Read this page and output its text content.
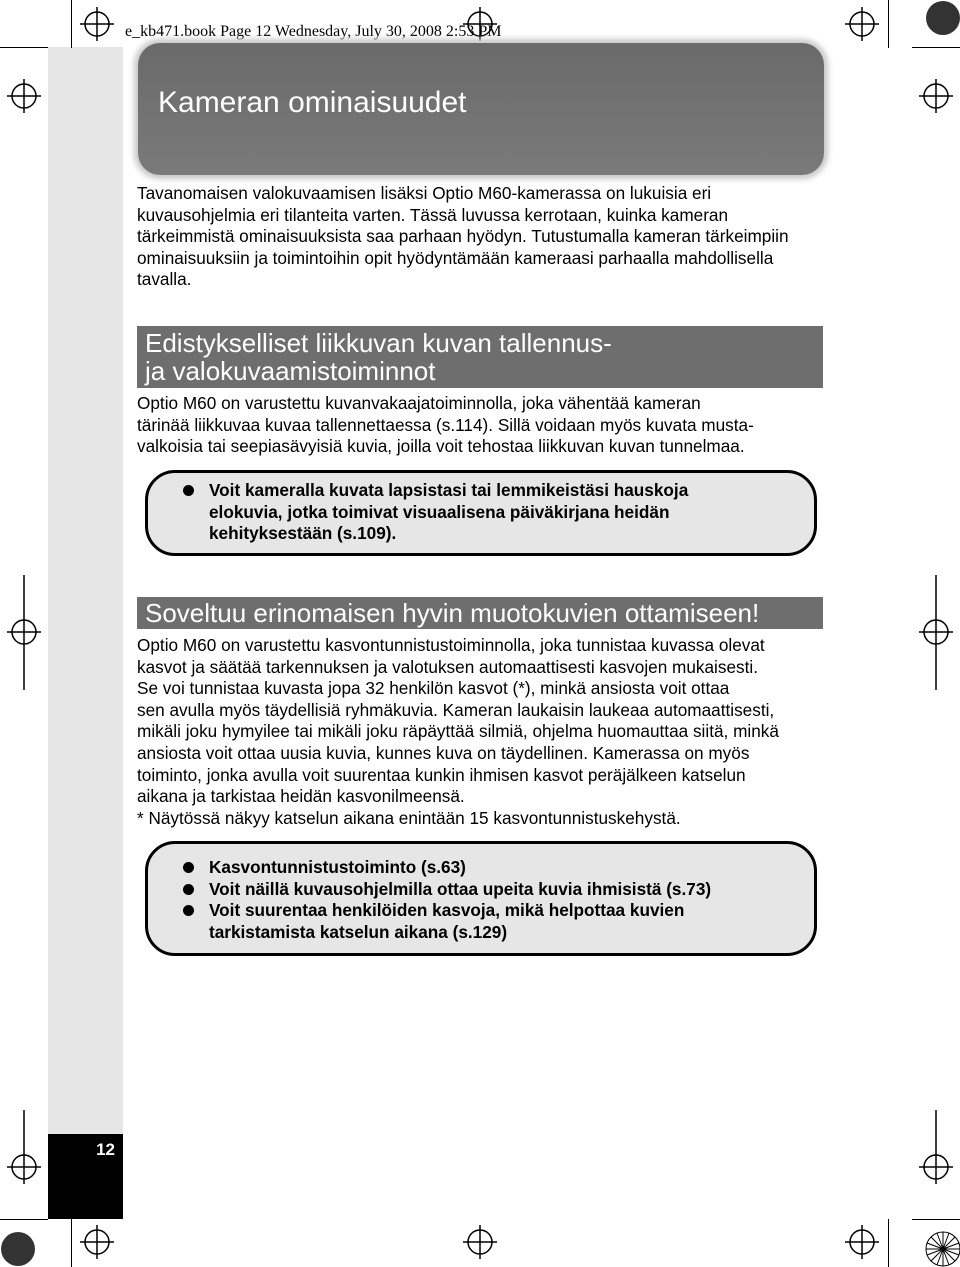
12
e_kb471.book Page 12 Wednesday, July 30, 2008 2:53 PM
Kameran ominaisuudet
Tavanomaisen valokuvaamisen lisäksi Optio M60-kamerassa on lukuisia eri
kuvausohjelmia eri tilanteita varten. Tässä luvussa kerrotaan, kuinka kameran
tärkeimmistä ominaisuuksista saa parhaan hyödyn. Tutustumalla kameran tärkeimpiin
ominaisuuksiin ja toimintoihin opit hyödyntämään kameraasi parhaalla mahdollisella
tavalla.
Edistykselliset liikkuvan kuvan tallennus-
ja valokuvaamistoiminnot
Optio M60 on varustettu kuvanvakaajatoiminnolla, joka vähentää kameran
tärinää liikkuvaa kuvaa tallennettaessa (s.114). Sillä voidaan myös kuvata musta-
valkoisia tai seepiasävyisiä kuvia, joilla voit tehostaa liikkuvan kuvan tunnelmaa.
Voit kameralla kuvata lapsistasi tai lemmikeistäsi hauskoja
elokuvia, jotka toimivat visuaalisena päiväkirjana heidän
kehityksestään (s.109).
Soveltuu erinomaisen hyvin muotokuvien ottamiseen!
Optio M60 on varustettu kasvontunnistustoiminnolla, joka tunnistaa kuvassa olevat
kasvot ja säätää tarkennuksen ja valotuksen automaattisesti kasvojen mukaisesti.
Se voi tunnistaa kuvasta jopa 32 henkilön kasvot (*), minkä ansiosta voit ottaa
sen avulla myös täydellisiä ryhmäkuvia. Kameran laukaisin laukeaa automaattisesti,
mikäli joku hymyilee tai mikäli joku räpäyttää silmiä, ohjelma huomauttaa siitä, minkä
ansiosta voit ottaa uusia kuvia, kunnes kuva on täydellinen. Kamerassa on myös
toiminto, jonka avulla voit suurentaa kunkin ihmisen kasvot peräjälkeen katselun
aikana ja tarkistaa heidän kasvonilmeensä.
* Näytössä näkyy katselun aikana enintään 15 kasvontunnistuskehystä.
Kasvontunnistustoiminto (s.63)
Voit näillä kuvausohjelmilla ottaa upeita kuvia ihmisistä (s.73)
Voit suurentaa henkilöiden kasvoja, mikä helpottaa kuvien
tarkistamista katselun aikana (s.129)
